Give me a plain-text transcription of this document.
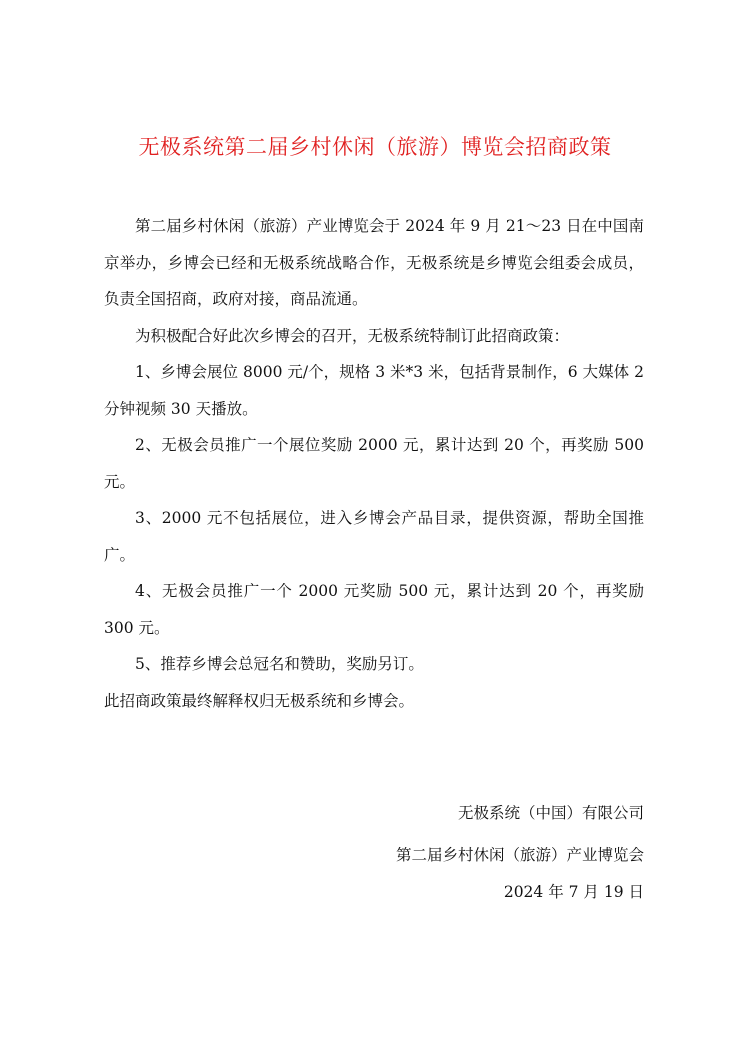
无极系统第二届乡村休闲（旅游）博览会招商政策

第二届乡村休闲（旅游）产业博览会于 2024 年 9 月 21～23 日在中国南京举办，乡博会已经和无极系统战略合作，无极系统是乡博览会组委会成员，负责全国招商，政府对接，商品流通。

为积极配合好此次乡博会的召开，无极系统特制订此招商政策：

1、乡博会展位 8000 元/个，规格 3 米*3 米，包括背景制作，6 大媒体 2 分钟视频 30 天播放。

2、无极会员推广一个展位奖励 2000 元，累计达到 20 个，再奖励 500 元。

3、2000 元不包括展位，进入乡博会产品目录，提供资源，帮助全国推广。

4、无极会员推广一个 2000 元奖励 500 元，累计达到 20 个，再奖励 300 元。

5、推荐乡博会总冠名和赞助，奖励另订。

此招商政策最终解释权归无极系统和乡博会。

无极系统（中国）有限公司
第二届乡村休闲（旅游）产业博览会
2024 年 7 月 19 日
